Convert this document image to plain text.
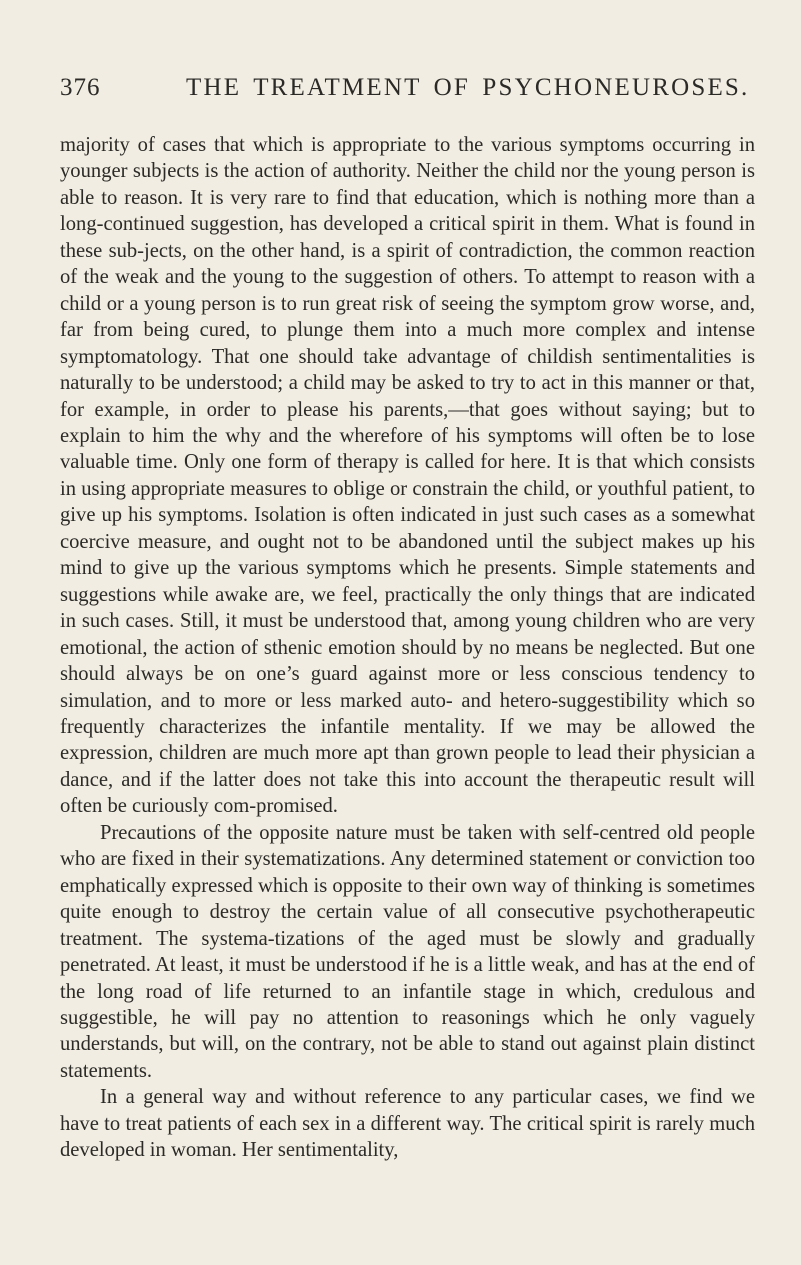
376	THE TREATMENT OF PSYCHONEUROSES.

majority of cases that which is appropriate to the various symptoms occurring in younger subjects is the action of authority. Neither the child nor the young person is able to reason. It is very rare to find that education, which is nothing more than a long-continued suggestion, has developed a critical spirit in them. What is found in these sub-jects, on the other hand, is a spirit of contradiction, the common reaction of the weak and the young to the suggestion of others. To attempt to reason with a child or a young person is to run great risk of seeing the symptom grow worse, and, far from being cured, to plunge them into a much more complex and intense symptomatology. That one should take advantage of childish sentimentalities is naturally to be understood; a child may be asked to try to act in this manner or that, for example, in order to please his parents,—that goes without saying; but to explain to him the why and the wherefore of his symptoms will often be to lose valuable time. Only one form of therapy is called for here. It is that which consists in using appropriate measures to oblige or constrain the child, or youthful patient, to give up his symptoms. Isolation is often indicated in just such cases as a somewhat coercive measure, and ought not to be abandoned until the subject makes up his mind to give up the various symptoms which he presents. Simple statements and suggestions while awake are, we feel, practically the only things that are indicated in such cases. Still, it must be understood that, among young children who are very emotional, the action of sthenic emotion should by no means be neglected. But one should always be on one’s guard against more or less conscious tendency to simulation, and to more or less marked auto- and hetero-suggestibility which so frequently characterizes the infantile mentality. If we may be allowed the expression, children are much more apt than grown people to lead their physician a dance, and if the latter does not take this into account the therapeutic result will often be curiously com-promised.

Precautions of the opposite nature must be taken with self-centred old people who are fixed in their systematizations. Any determined statement or conviction too emphatically expressed which is opposite to their own way of thinking is sometimes quite enough to destroy the certain value of all consecutive psychotherapeutic treatment. The systema-tizations of the aged must be slowly and gradually penetrated. At least, it must be understood if he is a little weak, and has at the end of the long road of life returned to an infantile stage in which, credulous and suggestible, he will pay no attention to reasonings which he only vaguely understands, but will, on the contrary, not be able to stand out against plain distinct statements.

In a general way and without reference to any particular cases, we find we have to treat patients of each sex in a different way. The critical spirit is rarely much developed in woman. Her sentimentality,
